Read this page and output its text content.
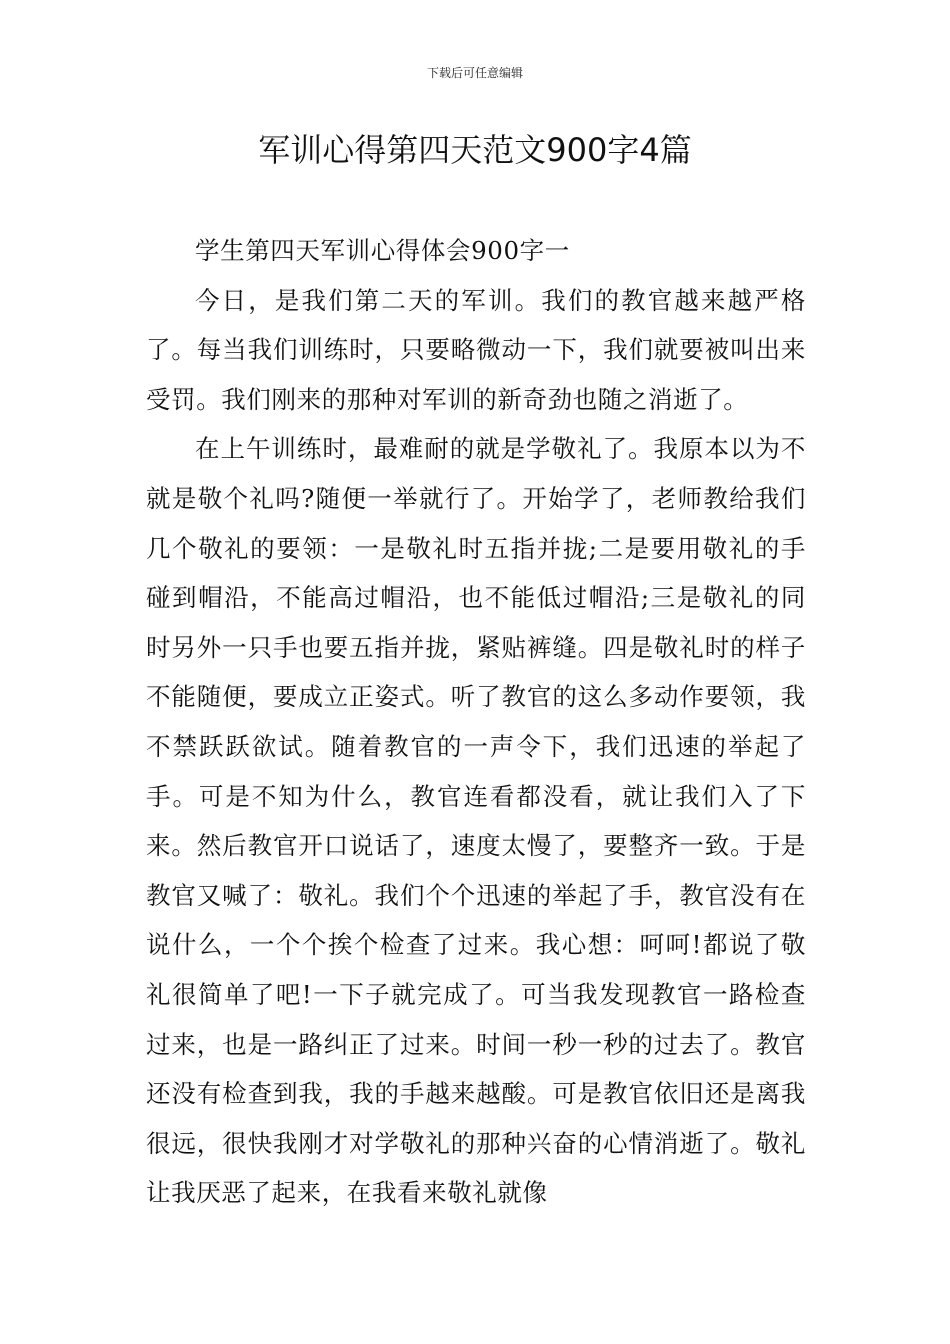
下载后可任意编辑
军训心得第四天范文900字4篇

学生第四天军训心得体会900字一

今日，是我们第二天的军训。我们的教官越来越严格了。每当我们训练时，只要略微动一下，我们就要被叫出来受罚。我们刚来的那种对军训的新奇劲也随之消逝了。

在上午训练时，最难耐的就是学敬礼了。我原本以为不就是敬个礼吗?随便一举就行了。开始学了，老师教给我们几个敬礼的要领：一是敬礼时五指并拢;二是要用敬礼的手碰到帽沿，不能高过帽沿，也不能低过帽沿;三是敬礼的同时另外一只手也要五指并拢，紧贴裤缝。四是敬礼时的样子不能随便，要成立正姿式。听了教官的这么多动作要领，我不禁跃跃欲试。随着教官的一声令下，我们迅速的举起了手。可是不知为什么，教官连看都没看，就让我们入了下来。然后教官开口说话了，速度太慢了，要整齐一致。于是教官又喊了：敬礼。我们个个迅速的举起了手，教官没有在说什么，一个个挨个检查了过来。我心想：呵呵!都说了敬礼很简单了吧!一下子就完成了。可当我发现教官一路检查过来，也是一路纠正了过来。时间一秒一秒的过去了。教官还没有检查到我，我的手越来越酸。可是教官依旧还是离我很远，很快我刚才对学敬礼的那种兴奋的心情消逝了。敬礼让我厌恶了起来，在我看来敬礼就像
